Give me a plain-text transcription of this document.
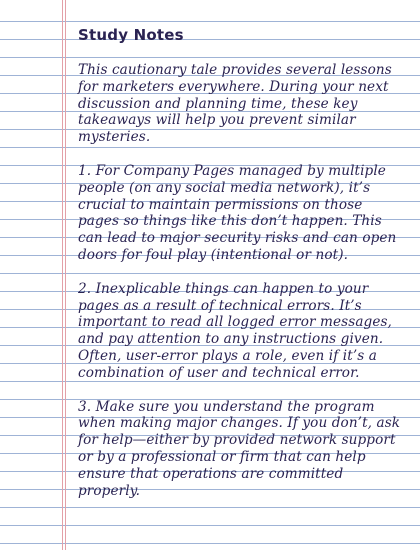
Study Notes

This cautionary tale provides several lessons for marketers everywhere. During your next discussion and planning time, these key takeaways will help you prevent similar mysteries.

1. For Company Pages managed by multiple people (on any social media network), it’s crucial to maintain permissions on those pages so things like this don’t happen. This can lead to major security risks and can open doors for foul play (intentional or not).

2. Inexplicable things can happen to your pages as a result of technical errors. It’s important to read all logged error messages, and pay attention to any instructions given. Often, user-error plays a role, even if it’s a combination of user and technical error.

3. Make sure you understand the program when making major changes. If you don’t, ask for help—either by provided network support or by a professional or firm that can help ensure that operations are committed properly.
